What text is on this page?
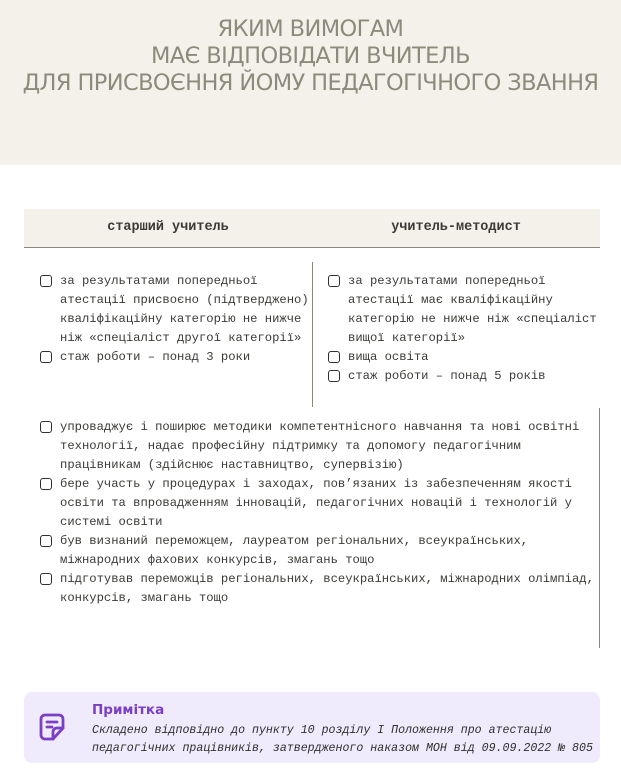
ЯКИМ ВИМОГАМ
МАЄ ВІДПОВІДАТИ ВЧИТЕЛЬ
ДЛЯ ПРИСВОЄННЯ ЙОМУ ПЕДАГОГІЧНОГО ЗВАННЯ
старший учитель	учитель-методист
за результатами попередньої атестації присвоєно (підтверджено) кваліфікаційну категорію не нижче ніж «спеціаліст другої категорії»
стаж роботи – понад 3 роки
за результатами попередньої атестації має кваліфікаційну категорію не нижче ніж «спеціаліст вищої категорії»
вища освіта
стаж роботи – понад 5 років
упроваджує і поширює методики компетентнісного навчання та нові освітні технології, надає професійну підтримку та допомогу педагогічним працівникам (здійснює наставництво, супервізію)
бере участь у процедурах і заходах, пов’язаних із забезпеченням якості освіти та впровадженням інновацій, педагогічних новацій і технологій у системі освіти
був визнаний переможцем, лауреатом регіональних, всеукраїнських, міжнародних фахових конкурсів, змагань тощо
підготував переможців регіональних, всеукраїнських, міжнародних олімпіад, конкурсів, змагань тощо
Примітка
Складено відповідно до пункту 10 розділу І Положення про атестацію
педагогічних працівників, затвердженого наказом МОН від 09.09.2022 № 805
